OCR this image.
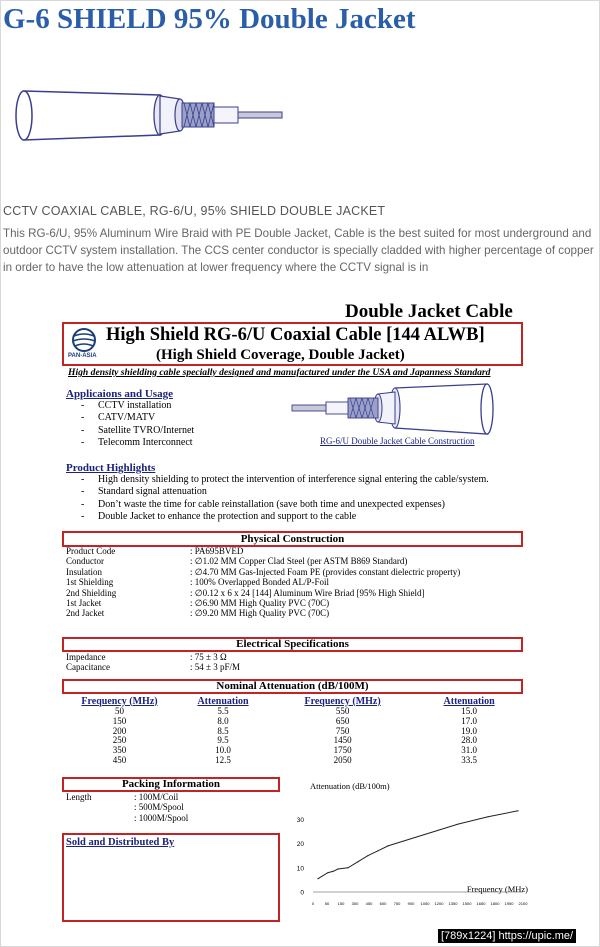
G-6 SHIELD 95% Double Jacket
CCTV COAXIAL CABLE, RG-6/U, 95% SHIELD DOUBLE JACKET

This RG-6/U, 95% Aluminum Wire Braid with PE Double Jacket, Cable is the best suited for most underground and outdoor CCTV system installation. The CCS center conductor is specially cladded with higher percentage of copper in order to have the low attenuation at lower frequency where the CCTV signal is in

Double Jacket Cable
PAN-ASIA
High Shield RG-6/U Coaxial Cable [144 ALWB]
(High Shield Coverage, Double Jacket)
High density shielding cable specially designed and manufactured under the USA and Japanness Standard
Applicaions and Usage
- CCTV installation
- CATV/MATV
- Satellite TVRO/Internet
- Telecomm Interconnect	RG-6/U Double Jacket Cable Construction
Product Highlights
- High density shielding to protect the intervention of interference signal entering the cable/system.
- Standard signal attenuation
- Don’t waste the time for cable reinstallation (save both time and unexpected expenses)
- Double Jacket to enhance the protection and support to the cable
Physical Construction
Product Code	: PA695BVED
Conductor	: ∅1.02 MM Copper Clad Steel (per ASTM B869 Standard)
Insulation	: ∅4.70 MM Gas-Injected Foam PE (provides constant dielectric property)
1st Shielding	: 100% Overlapped Bonded AL/P-Foil
2nd Shielding	: ∅0.12 x 6 x 24 [144] Aluminum Wire Briad [95% High Shield]
1st Jacket	: ∅6.90 MM High Quality PVC (70C)
2nd Jacket	: ∅9.20 MM High Quality PVC (70C)
Electrical Specifications
Impedance	: 75 ± 3 Ω
Capacitance	: 54 ± 3 pF/M
Nominal Attenuation (dB/100M)
Frequency (MHz)	Attenuation	Frequency (MHz)	Attenuation
50	5.5	550	15.0
150	8.0	650	17.0
200	8.5	750	19.0
250	9.5	1450	28.0
350	10.0	1750	31.0
450	12.5	2050	33.5
Packing Information
Length	: 100M/Coil
: 500M/Spool
: 1000M/Spool
Sold and Distributed By
Attenuation (dB/100m)
Frequency (MHz)
0	50 150 300 450 600 750 900 1050 1200 1350 1500 1650 1800 1950 2100
0
10
20
30
[789x1224] https://upic.me/
